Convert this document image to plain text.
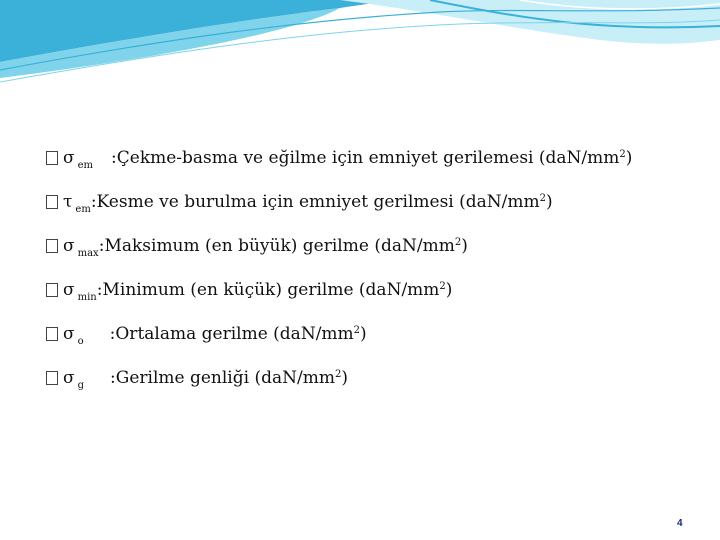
σ em : Çekme-basma ve eğilme için emniyet gerilemesi (daN/mm 2 )
τ em : Kesme ve burulma için emniyet gerilmesi (daN/mm 2 )
σ max : Maksimum (en büyük) gerilme (daN/mm 2 )
σ min : Minimum (en küçük) gerilme (daN/mm 2 )
σ o : Ortalama gerilme (daN/mm 2 )
σ g : Gerilme genliği (daN/mm 2 )
4
